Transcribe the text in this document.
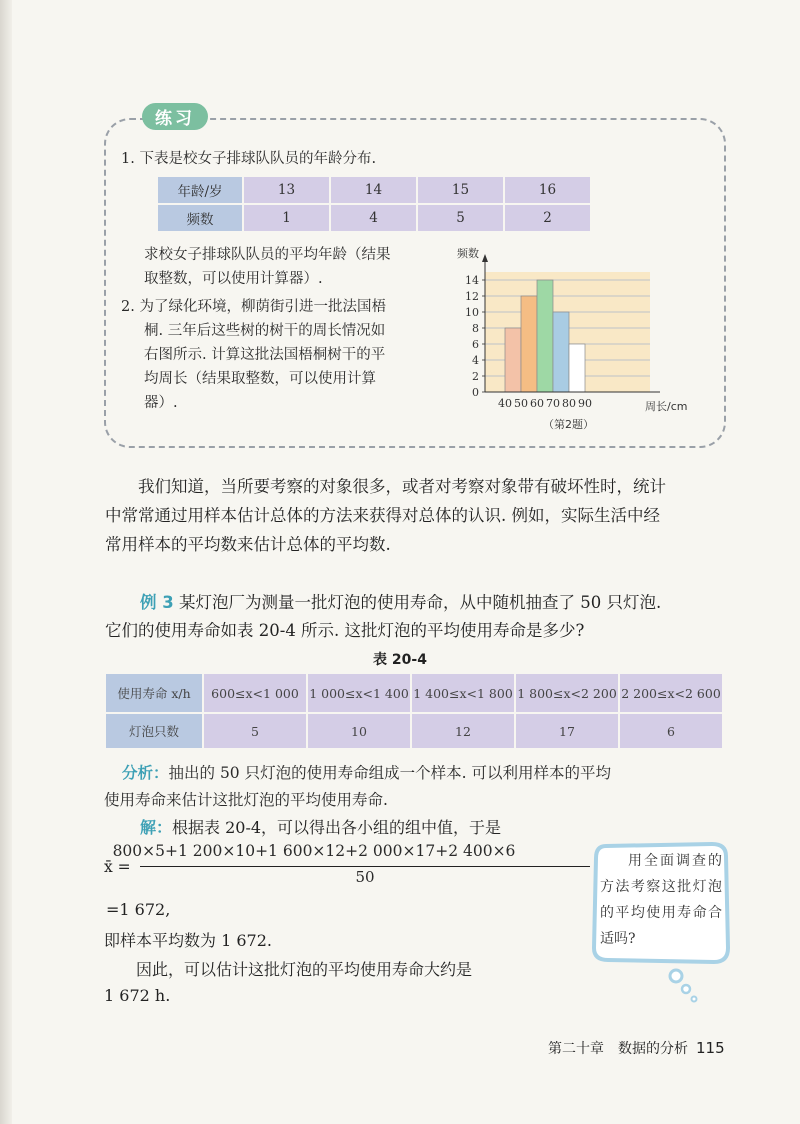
练习
1. 下表是校女子排球队队员的年龄分布.
年龄/岁	13	14	15	16
频数	1	4	5	2
求校女子排球队队员的平均年龄（结果
取整数，可以使用计算器）.
2. 为了绿化环境，柳荫街引进一批法国梧
桐. 三年后这些树的树干的周长情况如
右图所示. 计算这批法国梧桐树干的平
均周长（结果取整数，可以使用计算
器）.
0
2
4
6
8
10
12
14
40 50 60 70 80 90
频数
周长/cm
（第2题）
我们知道，当所要考察的对象很多，或者对考察对象带有破坏性时，统计
中常常通过用样本估计总体的方法来获得对总体的认识. 例如，实际生活中经
常用样本的平均数来估计总体的平均数.
例 3 某灯泡厂为测量一批灯泡的使用寿命，从中随机抽查了 50 只灯泡.
它们的使用寿命如表 20-4 所示. 这批灯泡的平均使用寿命是多少?
表 20-4
使用寿命 x/h	600≤x<1 000	1 000≤x<1 400	1 400≤x<1 800	1 800≤x<2 200	2 200≤x<2 600
灯泡只数	5	10	12	17	6
分析：抽出的 50 只灯泡的使用寿命组成一个样本. 可以利用样本的平均
使用寿命来估计这批灯泡的平均使用寿命.
解：根据表 20-4，可以得出各小组的组中值，于是
x̄ =
800×5+1 200×10+1 600×12+2 000×17+2 400×6
50
=1 672,
即样本平均数为 1 672.
因此，可以估计这批灯泡的平均使用寿命大约是
1 672 h.
用全面调查的方法考察这批灯泡的平均使用寿命合适吗?
第二十章　数据的分析 115
